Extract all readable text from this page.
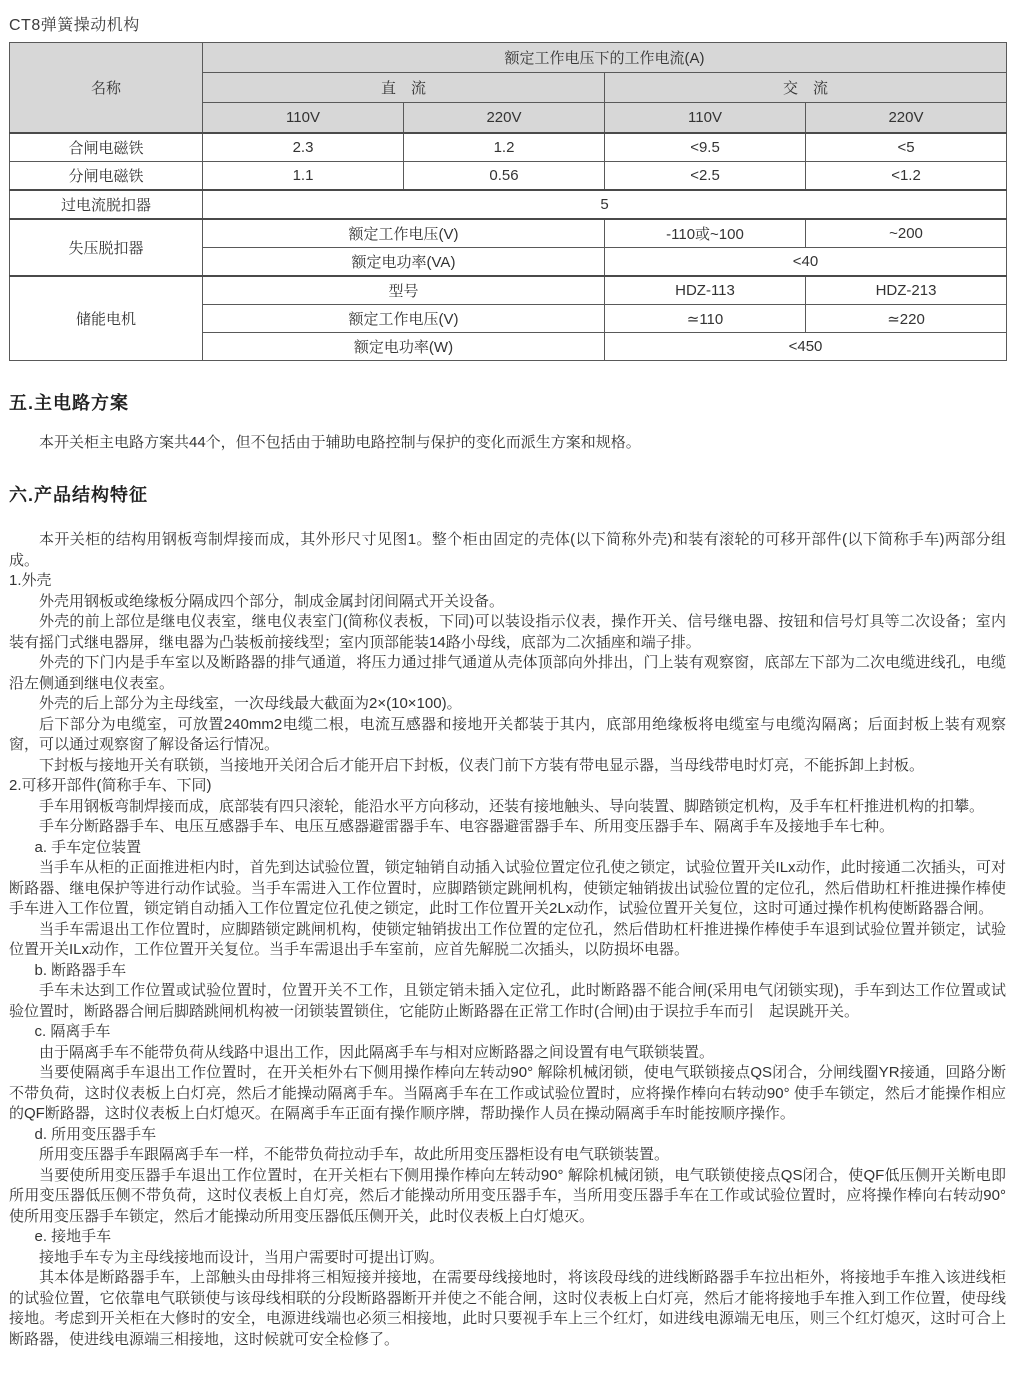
CT8弹簧操动机构

名称	额定工作电压下的工作电流(A)			
	直　流		交　流	
	110V	220V	110V	220V
合闸电磁铁	2.3	1.2	<9.5	<5
分闸电磁铁	1.1	0.56	<2.5	<1.2
过电流脱扣器	5			
失压脱扣器	额定工作电压(V)		-110或~100	~200
	额定电功率(VA)		<40	
储能电机	型号		HDZ-113	HDZ-213
	额定工作电压(V)		≃110	≃220
	额定电功率(W)		<450	
五.主电路方案

本开关柜主电路方案共44个，但不包括由于辅助电路控制与保护的变化而派生方案和规格。

六.产品结构特征

本开关柜的结构用钢板弯制焊接而成，其外形尺寸见图1。整个柜由固定的壳体(以下简称外壳)和装有滚轮的可移开部件(以下简称手车)两部分组成。

1.外壳

外壳用钢板或绝缘板分隔成四个部分，制成金属封闭间隔式开关设备。

外壳的前上部位是继电仪表室，继电仪表室门(简称仪表板，下同)可以装设指示仪表，操作开关、信号继电器、按钮和信号灯具等二次设备；室内装有摇门式继电器屏，继电器为凸装板前接线型；室内顶部能装14路小母线，底部为二次插座和端子排。

外壳的下门内是手车室以及断路器的排气通道，将压力通过排气通道从壳体顶部向外排出，门上装有观察窗，底部左下部为二次电缆进线孔，电缆沿左侧通到继电仪表室。

外壳的后上部分为主母线室，一次母线最大截面为2×(10×100)。

后下部分为电缆室，可放置240mm2电缆二根，电流互感器和接地开关都装于其内，底部用绝缘板将电缆室与电缆沟隔离；后面封板上装有观察窗，可以通过观察窗了解设备运行情况。

下封板与接地开关有联锁，当接地开关闭合后才能开启下封板，仪表门前下方装有带电显示器，当母线带电时灯亮，不能拆卸上封板。

2.可移开部件(简称手车、下同)

手车用钢板弯制焊接而成，底部装有四只滚轮，能沿水平方向移动，还装有接地触头、导向装置、脚踏锁定机构，及手车杠杆推进机构的扣攀。

手车分断路器手车、电压互感器手车、电压互感器避雷器手车、电容器避雷器手车、所用变压器手车、隔离手车及接地手车七种。

a. 手车定位装置

当手车从柜的正面推进柜内时，首先到达试验位置，锁定轴销自动插入试验位置定位孔使之锁定，试验位置开关ILx动作，此时接通二次插头，可对断路器、继电保护等进行动作试验。当手车需进入工作位置时，应脚踏锁定跳闸机构，使锁定轴销拔出试验位置的定位孔，然后借助杠杆推进操作棒使手车进入工作位置，锁定销自动插入工作位置定位孔使之锁定，此时工作位置开关2Lx动作，试验位置开关复位，这时可通过操作机构使断路器合闸。

当手车需退出工作位置时，应脚踏锁定跳闸机构，使锁定轴销拔出工作位置的定位孔，然后借助杠杆推进操作棒使手车退到试验位置并锁定，试验位置开关ILx动作，工作位置开关复位。当手车需退出手车室前，应首先解脱二次插头，以防损坏电器。

b. 断路器手车

手车未达到工作位置或试验位置时，位置开关不工作，且锁定销未插入定位孔，此时断路器不能合闸(采用电气闭锁实现)，手车到达工作位置或试验位置时，断路器合闸后脚踏跳闸机构被一闭锁装置锁住，它能防止断路器在正常工作时(合闸)由于误拉手车而引　起误跳开关。

c. 隔离手车

由于隔离手车不能带负荷从线路中退出工作，因此隔离手车与相对应断路器之间设置有电气联锁装置。

当要使隔离手车退出工作位置时，在开关柜外右下侧用操作棒向左转动90° 解除机械闭锁，使电气联锁接点QS闭合，分闸线圈YR接通，回路分断不带负荷，这时仪表板上白灯亮，然后才能操动隔离手车。当隔离手车在工作或试验位置时，应将操作棒向右转动90° 使手车锁定，然后才能操作相应的QF断路器，这时仪表板上白灯熄灭。在隔离手车正面有操作顺序牌，帮助操作人员在操动隔离手车时能按顺序操作。

d. 所用变压器手车

所用变压器手车跟隔离手车一样，不能带负荷拉动手车，故此所用变压器柜设有电气联锁装置。

当要使所用变压器手车退出工作位置时，在开关柜右下侧用操作棒向左转动90° 解除机械闭锁，电气联锁使接点QS闭合，使QF低压侧开关断电即所用变压器低压侧不带负荷，这时仪表板上自灯亮，然后才能操动所用变压器手车，当所用变压器手车在工作或试验位置时，应将操作棒向右转动90° 使所用变压器手车锁定，然后才能操动所用变压器低压侧开关，此时仪表板上白灯熄灭。

e. 接地手车

接地手车专为主母线接地而设计，当用户需要时可提出订购。

其本体是断路器手车，上部触头由母排将三相短接并接地，在需要母线接地时，将该段母线的进线断路器手车拉出柜外，将接地手车推入该进线柜的试验位置，它依靠电气联锁使与该母线相联的分段断路器断开并使之不能合闸，这时仪表板上白灯亮，然后才能将接地手车推入到工作位置，使母线接地。考虑到开关柜在大修时的安全，电源进线端也必须三相接地，此时只要视手车上三个红灯，如进线电源端无电压，则三个红灯熄灭，这时可合上断路器，使进线电源端三相接地，这时候就可安全检修了。
